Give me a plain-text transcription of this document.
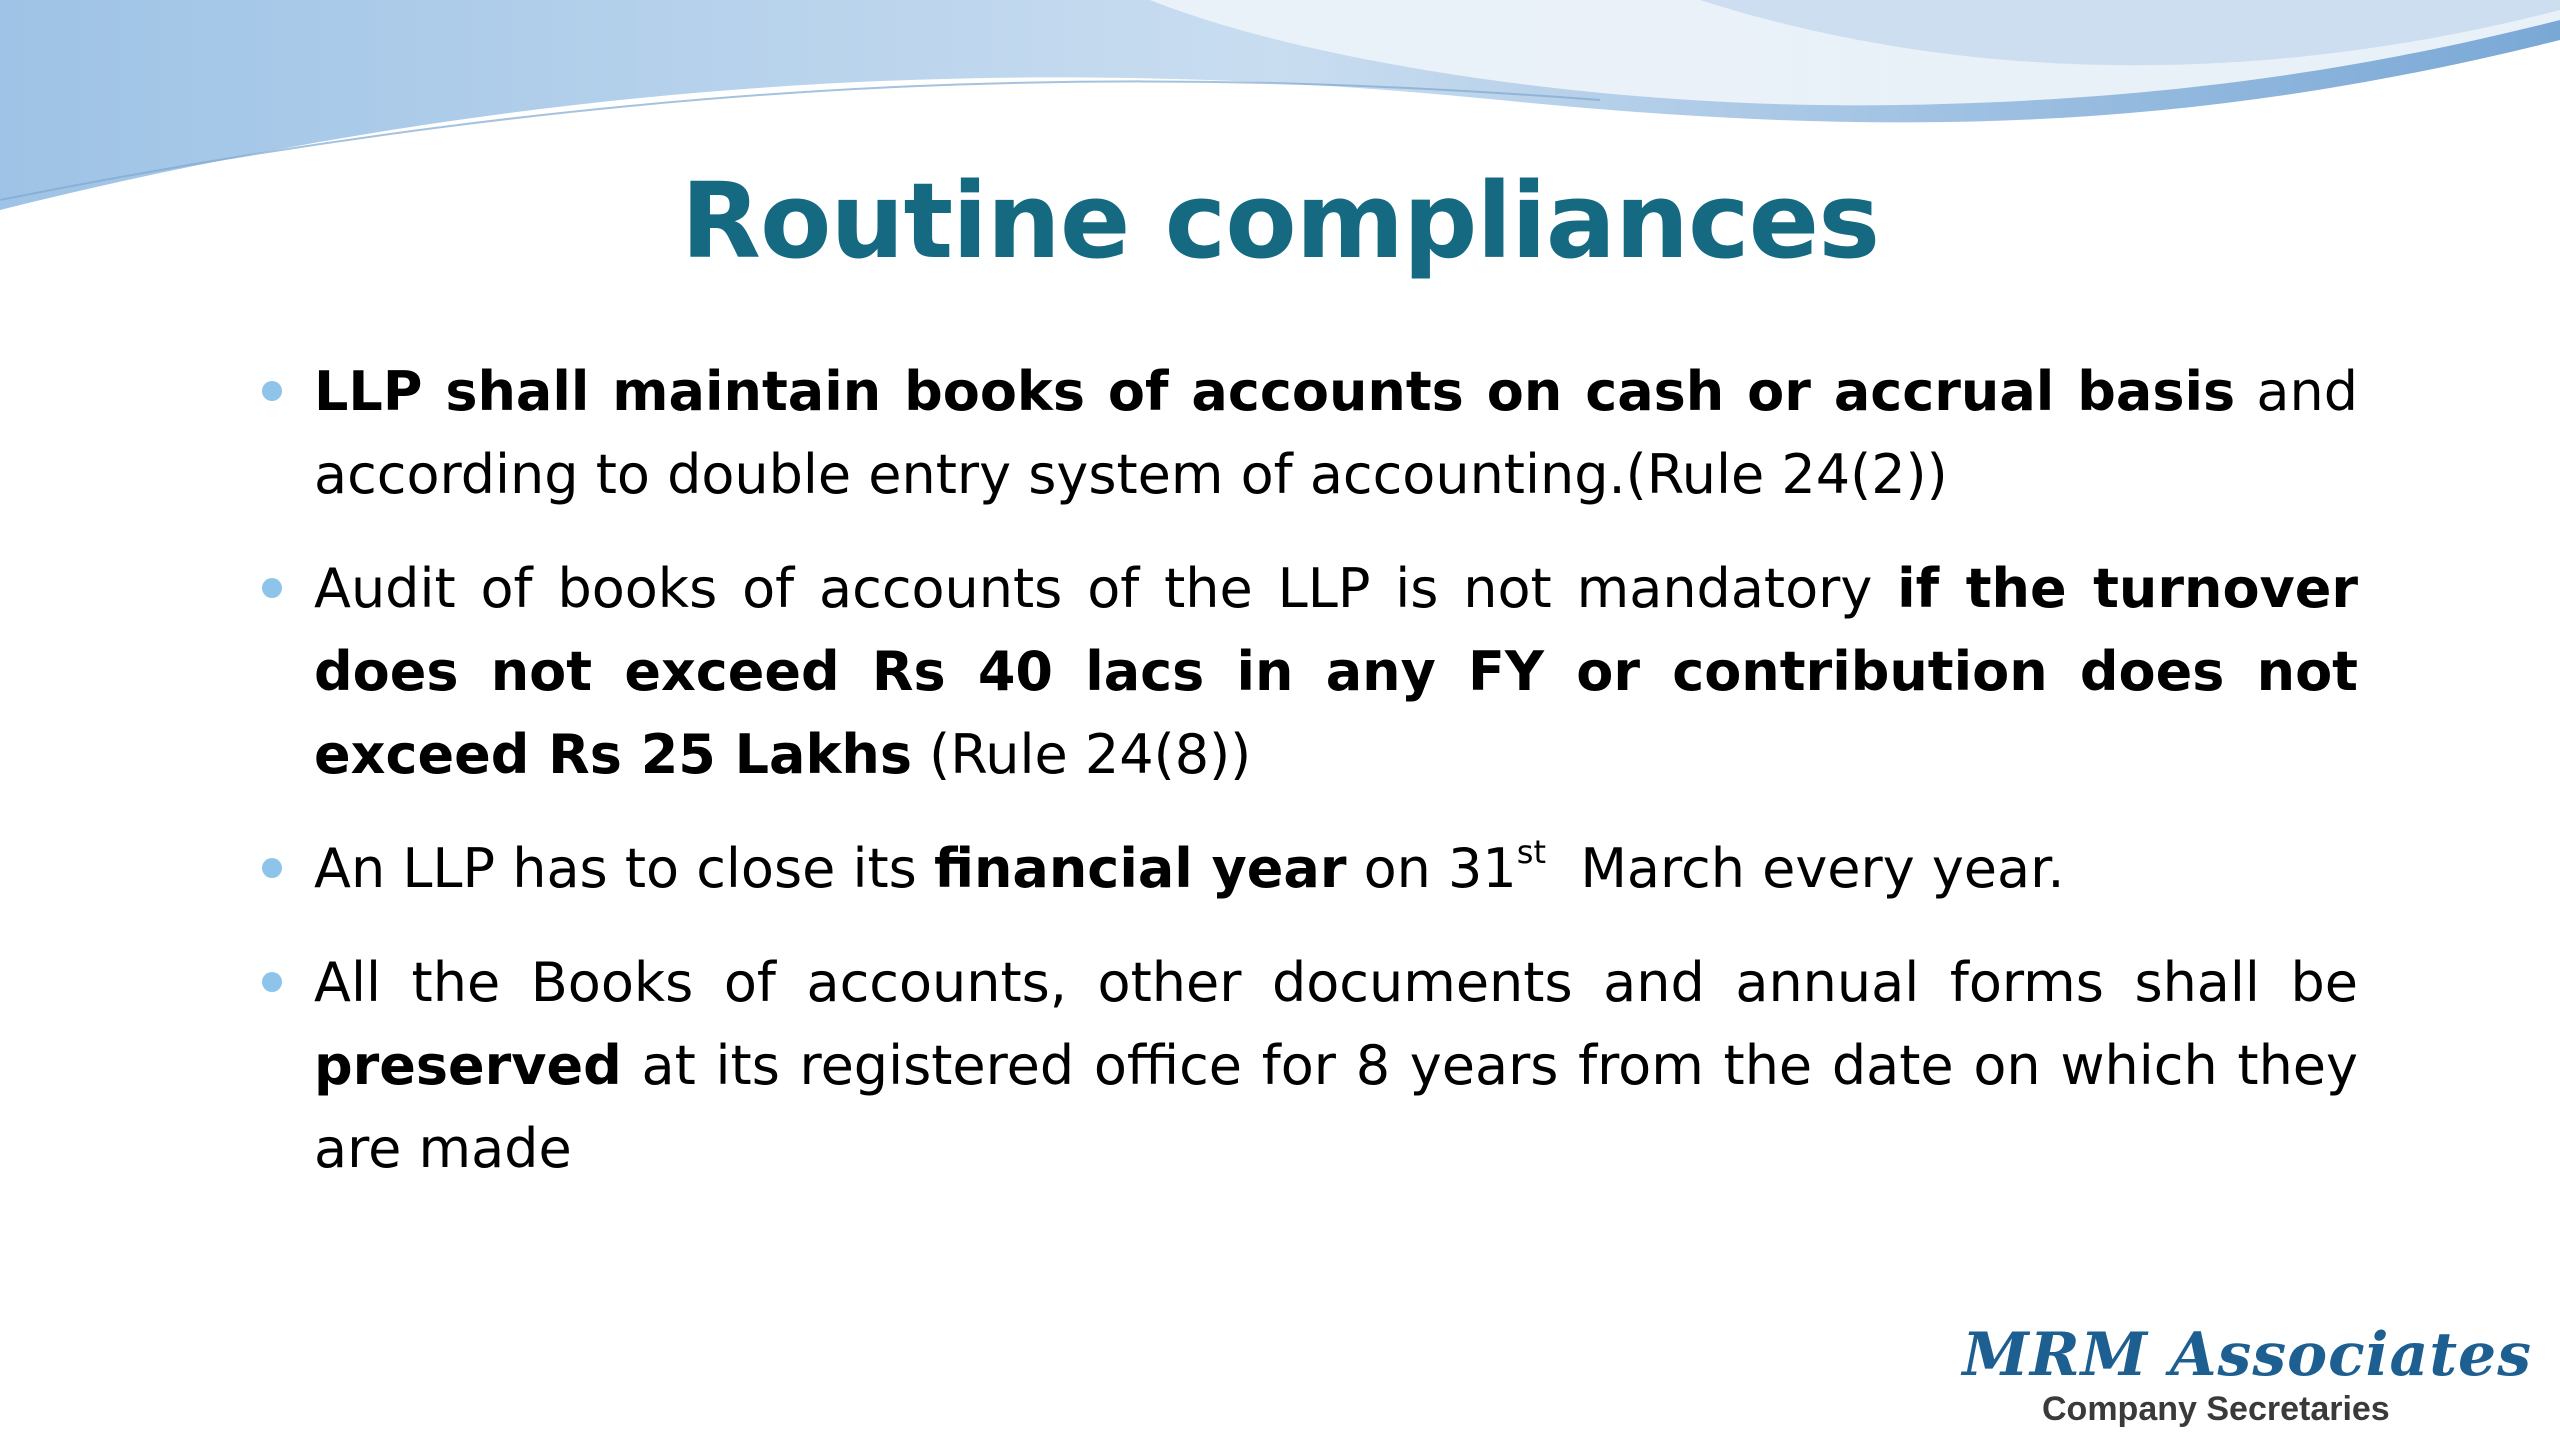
Routine compliances
LLP shall maintain books of accounts on cash or accrual basis and according to double entry system of accounting.(Rule 24(2))
Audit of books of accounts of the LLP is not mandatory if the turnover does not exceed Rs 40 lacs in any FY or contribution does not exceed Rs 25 Lakhs (Rule 24(8))
An LLP has to close its financial year on 31st  March every year.
All the Books of accounts, other documents and annual forms shall be preserved at its registered office for 8 years from the date on which they are made
MRM Associates
Company Secretaries
